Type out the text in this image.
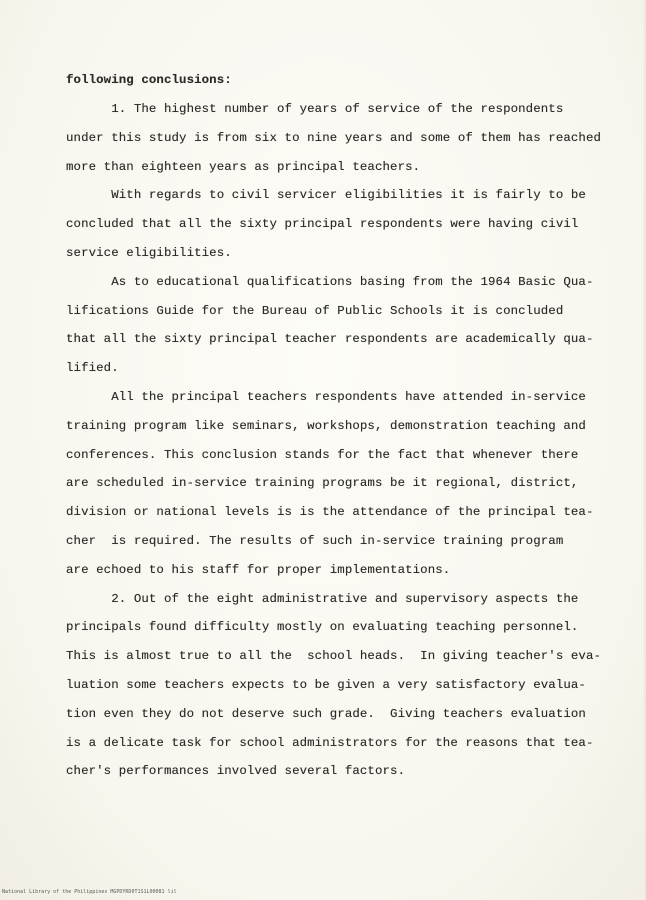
following conclusions:
1. The highest number of years of service of the respondents
under this study is from six to nine years and some of them has reached
more than eighteen years as principal teachers.
With regards to civil servicer eligibilities it is fairly to be
concluded that all the sixty principal respondents were having civil
service eligibilities.
As to educational qualifications basing from the 1964 Basic Qua-
lifications Guide for the Bureau of Public Schools it is concluded
that all the sixty principal teacher respondents are academically qua-
lified.
All the principal teachers respondents have attended in-service
training program like seminars, workshops, demonstration teaching and
conferences. This conclusion stands for the fact that whenever there
are scheduled in-service training programs be it regional, district,
division or national levels is is the attendance of the principal tea-
cher  is required. The results of such in-service training program
are echoed to his staff for proper implementations.
2. Out of the eight administrative and supervisory aspects the
principals found difficulty mostly on evaluating teaching personnel.
This is almost true to all the  school heads.  In giving teacher's eva-
luation some teachers expects to be given a very satisfactory evalua-
tion even they do not deserve such grade.  Giving teachers evaluation
is a delicate task for school administrators for the reasons that tea-
cher's performances involved several factors.
National Library of the Philippines MGPDYRD0T1S1L00081 lil
